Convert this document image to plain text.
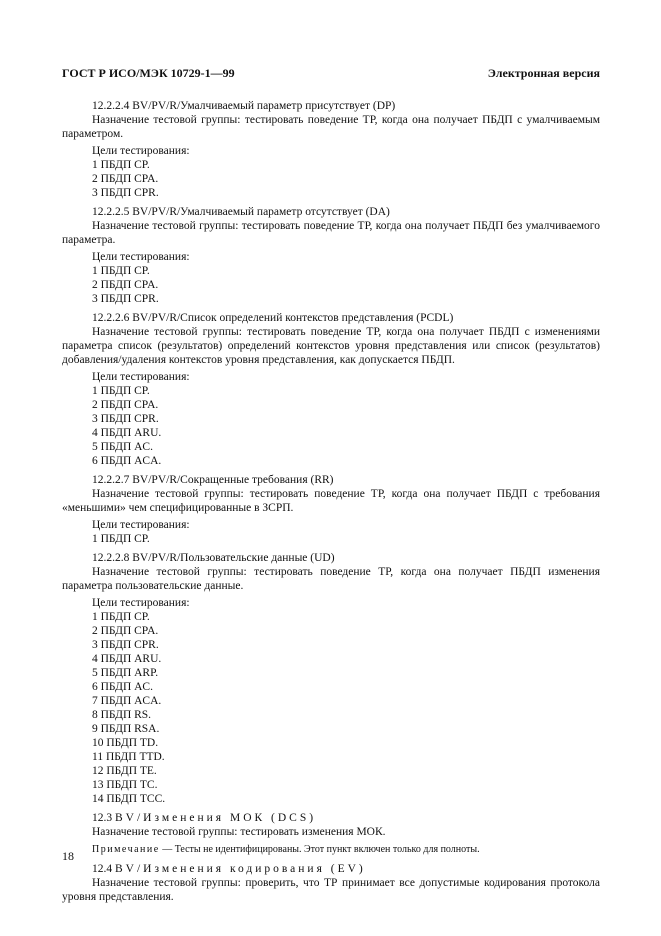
ГОСТ Р ИСО/МЭК 10729-1—99	Электронная версия
12.2.2.4 BV/PV/R/Умалчиваемый параметр присутствует (DP)
Назначение тестовой группы: тестировать поведение ТР, когда она получает ПБДП с умалчиваемым параметром.
Цели тестирования:
1 ПБДП CP.
2 ПБДП CPA.
3 ПБДП CPR.
12.2.2.5 BV/PV/R/Умалчиваемый параметр отсутствует (DA)
Назначение тестовой группы: тестировать поведение ТР, когда она получает ПБДП без умалчиваемого параметра.
Цели тестирования:
1 ПБДП CP.
2 ПБДП CPA.
3 ПБДП CPR.
12.2.2.6 BV/PV/R/Список определений контекстов представления (PCDL)
Назначение тестовой группы: тестировать поведение ТР, когда она получает ПБДП с изменениями параметра список (результатов) определений контекстов уровня представления или список (результатов) добавления/удаления контекстов уровня представления, как допускается ПБДП.
Цели тестирования:
1 ПБДП CP.
2 ПБДП CPA.
3 ПБДП CPR.
4 ПБДП ARU.
5 ПБДП AC.
6 ПБДП ACA.
12.2.2.7 BV/PV/R/Сокращенные требования (RR)
Назначение тестовой группы: тестировать поведение ТР, когда она получает ПБДП с требования «меньшими» чем специфицированные в ЗСРП.
Цели тестирования:
1 ПБДП CP.
12.2.2.8 BV/PV/R/Пользовательские данные (UD)
Назначение тестовой группы: тестировать поведение ТР, когда она получает ПБДП изменения параметра пользовательские данные.
Цели тестирования:
1 ПБДП CP.
2 ПБДП CPA.
3 ПБДП CPR.
4 ПБДП ARU.
5 ПБДП ARP.
6 ПБДП AC.
7 ПБДП ACA.
8 ПБДП RS.
9 ПБДП RSA.
10 ПБДП TD.
11 ПБДП TTD.
12 ПБДП TE.
13 ПБДП TC.
14 ПБДП TCC.
12.3 BV/Изменения МОК (DCS)
Назначение тестовой группы: тестировать изменения МОК.
Примечание — Тесты не идентифицированы. Этот пункт включен только для полноты.
12.4 BV/Изменения кодирования (EV)
Назначение тестовой группы: проверить, что ТР принимает все допустимые кодирования протокола уровня представления.
18
